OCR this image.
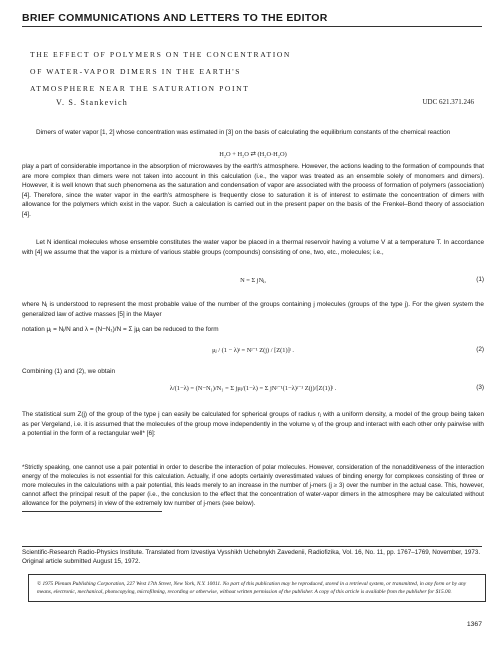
BRIEF COMMUNICATIONS AND LETTERS TO THE EDITOR
THE EFFECT OF POLYMERS ON THE CONCENTRATION
OF WATER-VAPOR DIMERS IN THE EARTH'S
ATMOSPHERE NEAR THE SATURATION POINT
V. S. Stankevich	UDC 621.371.246
Dimers of water vapor [1, 2] whose concentration was estimated in [3] on the basis of calculating the equilibrium constants of the chemical reaction
H₂O + H₂O ⇄ (H₂O·H₂O)
play a part of considerable importance in the absorption of microwaves by the earth's atmosphere. However, the actions leading to the formation of compounds that are more complex than dimers were not taken into account in this calculation (i.e., the vapor was treated as an ensemble solely of monomers and dimers). However, it is well known that such phenomena as the saturation and condensation of vapor are associated with the process of formation of polymers (association) [4]. Therefore, since the water vapor in the earth's atmosphere is frequently close to saturation it is of interest to estimate the concentration of dimers with allowance for the polymers which exist in the vapor. Such a calculation is carried out in the present paper on the basis of the Frenkel–Bond theory of association [4].
Let N identical molecules whose ensemble constitutes the water vapor be placed in a thermal reservoir having a volume V at a temperature T. In accordance with [4] we assume that the vapor is a mixture of various stable groups (compounds) consisting of one, two, etc., molecules; i.e.,
N = Σ jNⱼ,	(1)
where Nⱼ is understood to represent the most probable value of the number of the groups containing j molecules (groups of the type j). For the given system the generalized law of active masses [5] in the Mayer
notation μⱼ = Nⱼ/N and λ = (N−N₁)/N = Σ jμⱼ can be reduced to the form
μⱼ / (1 − λ)ʲ = Nʲ⁻¹ Z(j) / [Z(1)]ʲ .	(2)
Combining (1) and (2), we obtain
λ/(1−λ) = (N−N₁)/N₁ = Σ jμⱼ/(1−λ) = Σ jNʲ⁻¹(1−λ)ʲ⁻¹ Z(j)/[Z(1)]ʲ .	(3)
The statistical sum Z(j) of the group of the type j can easily be calculated for spherical groups of radius rⱼ with a uniform density, a model of the group being taken as per Vergeland, i.e. it is assumed that the molecules of the group move independently in the volume vⱼ of the group and interact with each other only pairwise with a potential in the form of a rectangular well* [6]:
*Strictly speaking, one cannot use a pair potential in order to describe the interaction of polar molecules. However, consideration of the nonadditiveness of the interaction energy of the molecules is not essential for this calculation. Actually, if one adopts certainly overestimated values of binding energy for complexes consisting of three or more molecules in the calculations with a pair potential, this leads merely to an increase in the number of j-mers (j ≥ 3) over the number in the actual case. This, however, cannot affect the principal result of the paper (i.e., the conclusion to the effect that the concentration of water-vapor dimers in the atmosphere may be calculated without allowance for the polymers) in view of the extremely low number of j-mers (see below).
Scientific-Research Radio-Physics Institute. Translated from Izvestiya Vysshikh Uchebnykh Zavedenii, Radiofizika, Vol. 16, No. 11, pp. 1767–1769, November, 1973. Original article submitted August 15, 1972.
© 1975 Plenum Publishing Corporation, 227 West 17th Street, New York, N.Y. 10011. No part of this publication may be reproduced, stored in a retrieval system, or transmitted, in any form or by any means, electronic, mechanical, photocopying, microfilming, recording or otherwise, without written permission of the publisher. A copy of this article is available from the publisher for $15.00.
1367
